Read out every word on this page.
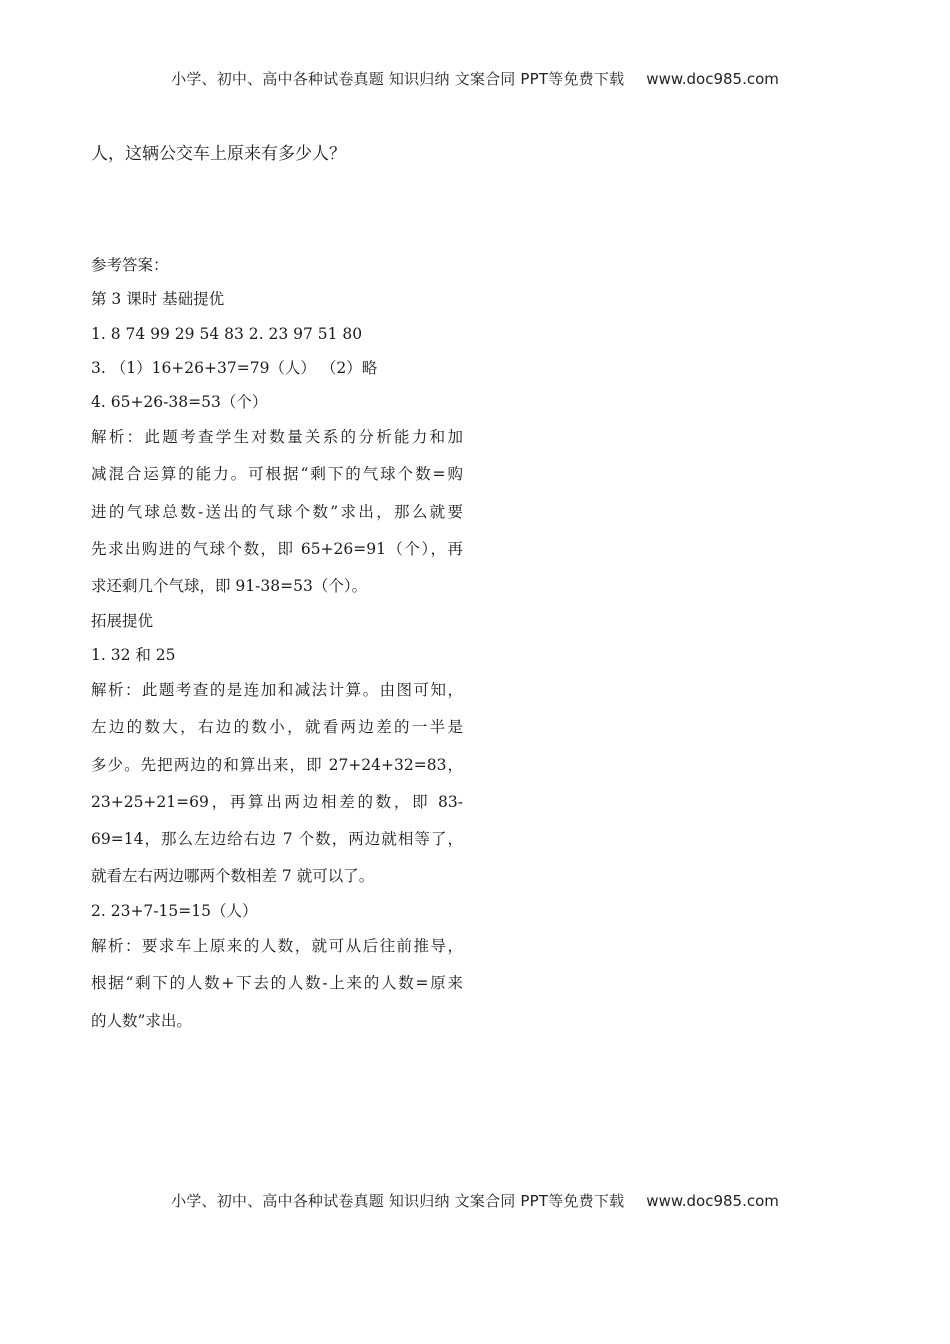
小学、初中、高中各种试卷真题 知识归纳 文案合同 PPT等免费下载 www.doc985.com
人，这辆公交车上原来有多少人？
参考答案：
第 3 课时 基础提优
1. 8 74 99 29 54 83 2. 23 97 51 80
3. （1）16+26+37=79（人） （2）略
4. 65+26-38=53（个）
解析：此题考查学生对数量关系的分析能力和加
减混合运算的能力。可根据“剩下的气球个数=购
进的气球总数-送出的气球个数”求出，那么就要
先求出购进的气球个数，即 65+26=91（个），再
求还剩几个气球，即 91-38=53（个）。
拓展提优
1. 32 和 25
解析：此题考查的是连加和减法计算。由图可知，
左边的数大，右边的数小，就看两边差的一半是
多少。先把两边的和算出来，即 27+24+32=83，
23+25+21=69，再算出两边相差的数，即 83-
69=14，那么左边给右边 7 个数，两边就相等了，
就看左右两边哪两个数相差 7 就可以了。
2. 23+7-15=15（人）
解析：要求车上原来的人数，就可从后往前推导，
根据“剩下的人数+下去的人数-上来的人数=原来
的人数”求出。
小学、初中、高中各种试卷真题 知识归纳 文案合同 PPT等免费下载 www.doc985.com
